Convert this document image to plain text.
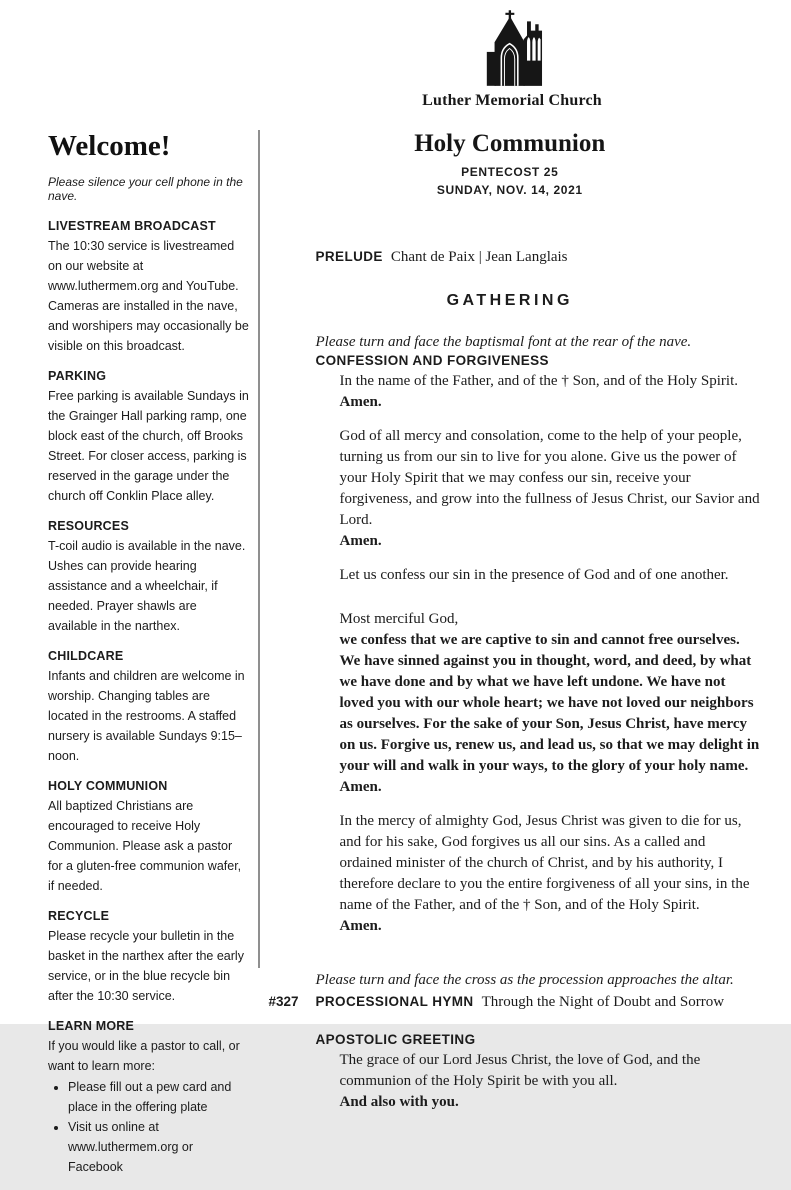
Luther Memorial Church
Welcome!

Please silence your cell phone in the nave.

LIVESTREAM BROADCAST

The 10:30 service is livestreamed on our website at www.luthermem.org and YouTube. Cameras are installed in the nave, and worshipers may occasionally be visible on this broadcast.

PARKING

Free parking is available Sundays in the Grainger Hall parking ramp, one block east of the church, off Brooks Street. For closer access, parking is reserved in the garage under the church off Conklin Place alley.

RESOURCES

T-coil audio is available in the nave. Ushes can provide hearing assistance and a wheelchair, if needed. Prayer shawls are available in the narthex.

CHILDCARE

Infants and children are welcome in worship. Changing tables are located in the restrooms. A staffed nursery is available Sundays 9:15–noon.

HOLY COMMUNION

All baptized Christians are encouraged to receive Holy Communion. Please ask a pastor for a gluten-free communion wafer, if needed.

RECYCLE

Please recycle your bulletin in the basket in the narthex after the early service, or in the blue recycle bin after the 10:30 service.

LEARN MORE

If you would like a pastor to call, or want to learn more:

• Please fill out a pew card and place in the offering plate
• Visit us online at www.luthermem.org or Facebook
Holy Communion
PENTECOST 25
SUNDAY, NOV. 14, 2021
PRELUDE Chant de Paix | Jean Langlais
GATHERING

Please turn and face the baptismal font at the rear of the nave.

CONFESSION AND FORGIVENESS

In the name of the Father, and of the † Son, and of the Holy Spirit.
Amen.

God of all mercy and consolation, come to the help of your people, turning us from our sin to live for you alone. Give us the power of your Holy Spirit that we may confess our sin, receive your forgiveness, and grow into the fullness of Jesus Christ, our Savior and Lord.
Amen.

Let us confess our sin in the presence of God and of one another.

Most merciful God,
we confess that we are captive to sin and cannot free ourselves. We have sinned against you in thought, word, and deed, by what we have done and by what we have left undone. We have not loved you with our whole heart; we have not loved our neighbors as ourselves. For the sake of your Son, Jesus Christ, have mercy on us. Forgive us, renew us, and lead us, so that we may delight in your will and walk in your ways, to the glory of your holy name.
Amen.

In the mercy of almighty God, Jesus Christ was given to die for us, and for his sake, God forgives us all our sins. As a called and ordained minister of the church of Christ, and by his authority, I therefore declare to you the entire forgiveness of all your sins, in the name of the Father, and of the † Son, and of the Holy Spirit.
Amen.

Please turn and face the cross as the procession approaches the altar.

#327 PROCESSIONAL HYMN Through the Night of Doubt and Sorrow
APOSTOLIC GREETING

The grace of our Lord Jesus Christ, the love of God, and the communion of the Holy Spirit be with you all.
And also with you.
